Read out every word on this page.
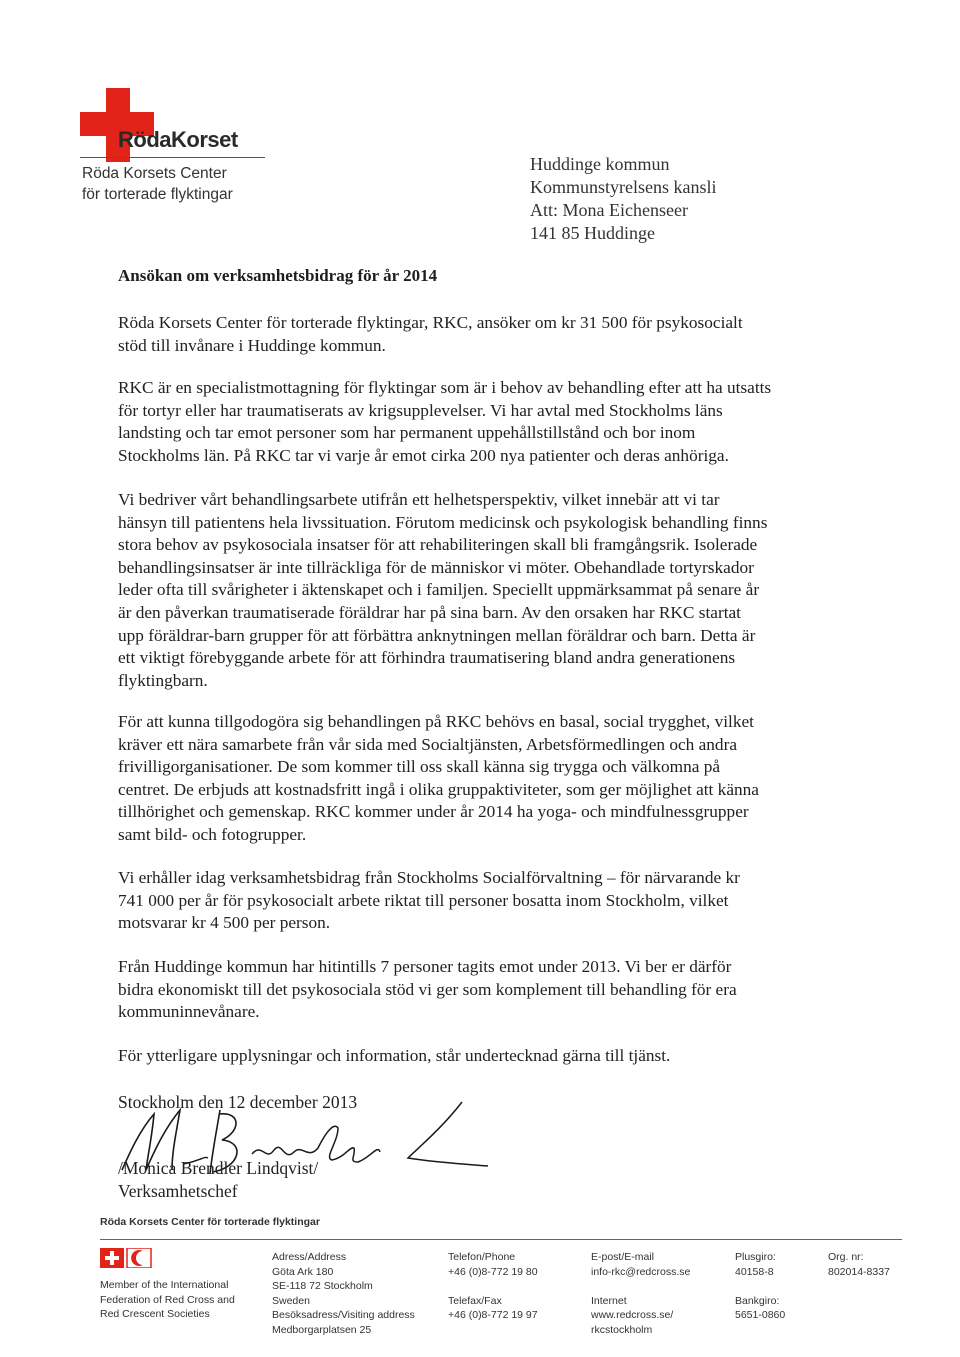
RödaKorset
Röda Korsets Center
för torterade flyktingar
Huddinge kommun
Kommunstyrelsens kansli
Att: Mona Eichenseer
141 85 Huddinge
Ansökan om verksamhetsbidrag för år 2014

Röda Korsets Center för torterade flyktingar, RKC, ansöker om kr 31 500 för psykosocialt

stöd till invånare i Huddinge kommun.

RKC är en specialistmottagning för flyktingar som är i behov av behandling efter att ha utsatts

för tortyr eller har traumatiserats av krigsupplevelser. Vi har avtal med Stockholms läns

landsting och tar emot personer som har permanent uppehållstillstånd och bor inom

Stockholms län. På RKC tar vi varje år emot cirka 200 nya patienter och deras anhöriga.

Vi bedriver vårt behandlingsarbete utifrån ett helhetsperspektiv, vilket innebär att vi tar

hänsyn till patientens hela livssituation. Förutom medicinsk och psykologisk behandling finns

stora behov av psykosociala insatser för att rehabiliteringen skall bli framgångsrik. Isolerade

behandlingsinsatser är inte tillräckliga för de människor vi möter. Obehandlade tortyrskador

leder ofta till svårigheter i äktenskapet och i familjen. Speciellt uppmärksammat på senare år

är den påverkan traumatiserade föräldrar har på sina barn. Av den orsaken har RKC startat

upp föräldrar-barn grupper för att förbättra anknytningen mellan föräldrar och barn. Detta är

ett viktigt förebyggande arbete för att förhindra traumatisering bland andra generationens

flyktingbarn.

För att kunna tillgodogöra sig behandlingen på RKC behövs en basal, social trygghet, vilket

kräver ett nära samarbete från vår sida med Socialtjänsten, Arbetsförmedlingen och andra

frivilligorganisationer. De som kommer till oss skall känna sig trygga och välkomna på

centret. De erbjuds att kostnadsfritt ingå i olika gruppaktiviteter, som ger möjlighet att känna

tillhörighet och gemenskap. RKC kommer under år 2014 ha yoga- och mindfulnessgrupper

samt bild- och fotogrupper.

Vi erhåller idag verksamhetsbidrag från Stockholms Socialförvaltning – för närvarande kr

741 000 per år för psykosocialt arbete riktat till personer bosatta inom Stockholm, vilket

motsvarar kr 4 500 per person.

Från Huddinge kommun har hitintills 7 personer tagits emot under 2013. Vi ber er därför

bidra ekonomiskt till det psykosociala stöd vi ger som komplement till behandling för era

kommuninnevånare.

För ytterligare upplysningar och information, står undertecknad gärna till tjänst.

Stockholm den 12 december 2013
/Monica Brendler Lindqvist/
Verksamhetschef
Röda Korsets Center för torterade flyktingar
Member of the International
Federation of Red Cross and
Red Crescent Societies
Adress/Address
Göta Ark 180
SE-118 72 Stockholm
Sweden
Besöksadress/Visiting address
Medborgarplatsen 25
Telefon/Phone
+46 (0)8-772 19 80

Telefax/Fax
+46 (0)8-772 19 97
E-post/E-mail
info-rkc@redcross.se

Internet
www.redcross.se/
rkcstockholm
Plusgiro:
40158-8

Bankgiro:
5651-0860
Org. nr:
802014-8337
